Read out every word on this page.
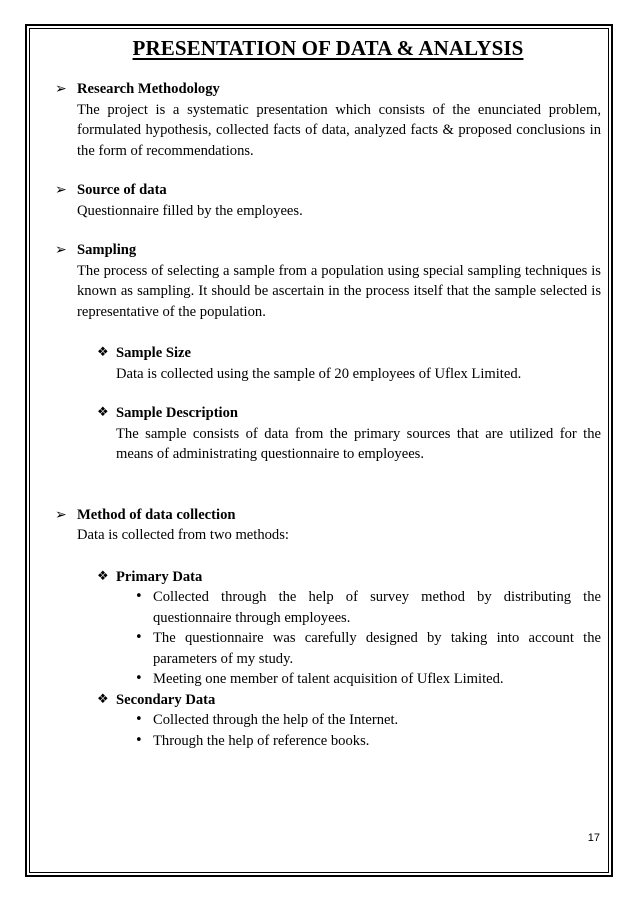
PRESENTATION OF DATA & ANALYSIS
➢ Research Methodology
The project is a systematic presentation which consists of the enunciated problem, formulated hypothesis, collected facts of data, analyzed facts & proposed conclusions in the form of recommendations.
➢ Source of data
Questionnaire filled by the employees.
➢ Sampling
The process of selecting a sample from a population using special sampling techniques is known as sampling. It should be ascertain in the process itself that the sample selected is representative of the population.
❖ Sample Size
Data is collected using the sample of 20 employees of Uflex Limited.
❖ Sample Description
The sample consists of data from the primary sources that are utilized for the means of administrating questionnaire to employees.
➢ Method of data collection
Data is collected from two methods:
❖ Primary Data
• Collected through the help of survey method by distributing the questionnaire through employees.
• The questionnaire was carefully designed by taking into account the parameters of my study.
• Meeting one member of talent acquisition of Uflex Limited.
❖ Secondary Data
• Collected through the help of the Internet.
• Through the help of reference books.
17
